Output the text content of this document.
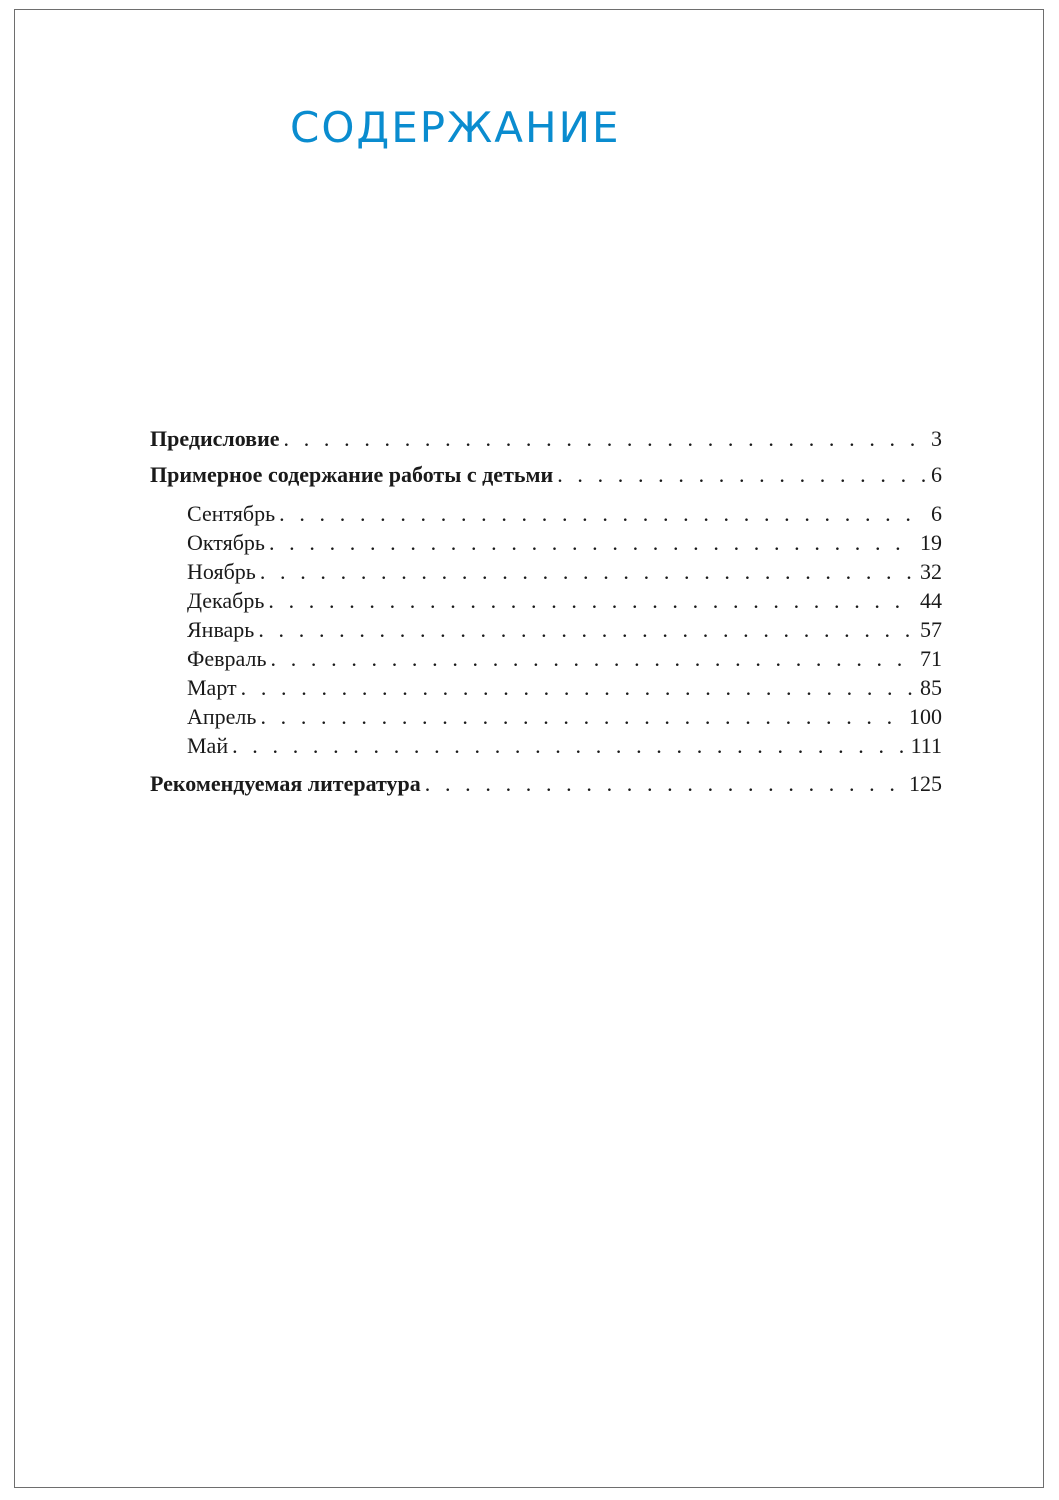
СОДЕРЖАНИЕ
Предисловие . . .	3
Примерное содержание работы с детьми . . .	6
Сентябрь . . .	6
Октябрь . . .	19
Ноябрь . . .	32
Декабрь . . .	44
Январь . . .	57
Февраль . . .	71
Март . . .	85
Апрель . . .	100
Май . . .	111
Рекомендуемая литература . . .	125
